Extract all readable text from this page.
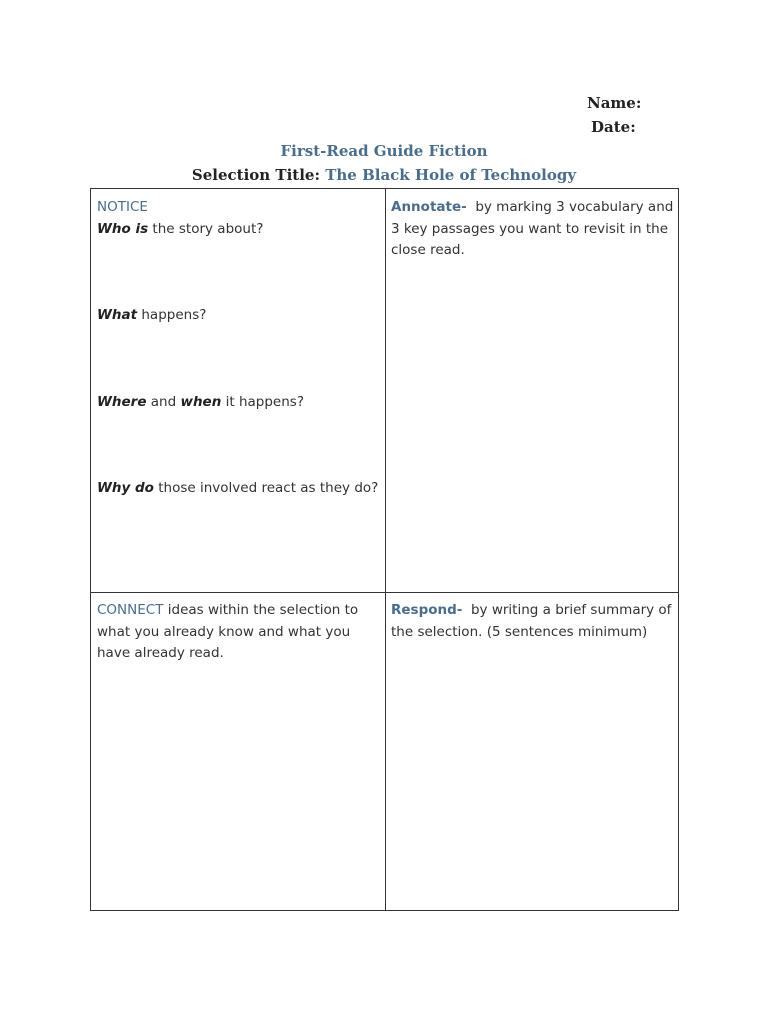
Name:
Date:
First-Read Guide Fiction
Selection Title: The Black Hole of Technology
NOTICE
Who is the story about?
What happens?
Where and when it happens?
Why do those involved react as they do?
Annotate-  by marking 3 vocabulary and 3 key passages you want to revisit in the close read.
CONNECT ideas within the selection to what you already know and what you have already read.
Respond-  by writing a brief summary of the selection. (5 sentences minimum)
